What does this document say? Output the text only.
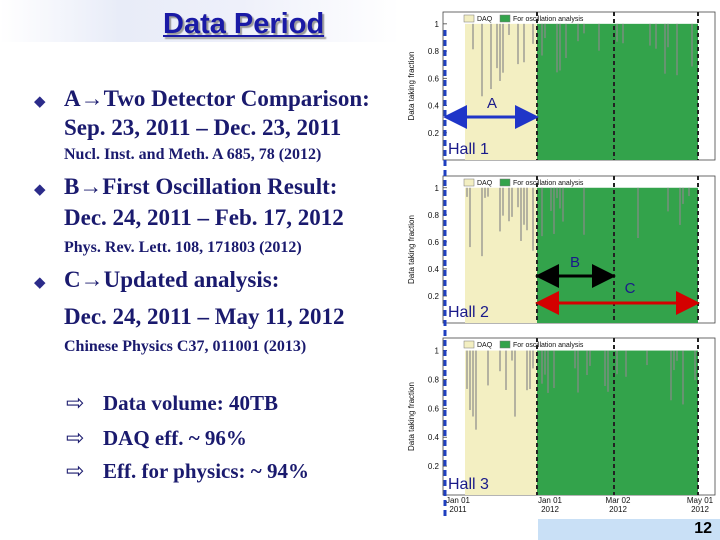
Data Period
◆ A→Two Detector Comparison:
Sep. 23, 2011 – Dec. 23, 2011
Nucl. Inst. and Meth. A 685, 78 (2012)
◆ B→First Oscillation Result:
Dec. 24, 2011 – Feb. 17, 2012
Phys. Rev. Lett. 108, 171803 (2012)
◆ C→Updated analysis:
Dec. 24, 2011 – May 11, 2012
Chinese Physics C37, 011001 (2013)
⇨ Data volume: 40TB
⇨ DAQ eff. ~ 96%
⇨ Eff. for physics: ~ 94%
0.2
0.4
0.6
0.8
1
Data taking fraction
DAQ	For oscillation analysis
Hall 1
0.2
0.4
0.6
0.8
1
Data taking fraction
DAQ	For oscillation analysis
Hall 2
0.2
0.4
0.6
0.8
1
Data taking fraction
DAQ	For oscillation analysis
Hall 3
A
B
C
Jan 01
2011
Jan 01
2012
Mar 02
2012
May 01
2012
12
